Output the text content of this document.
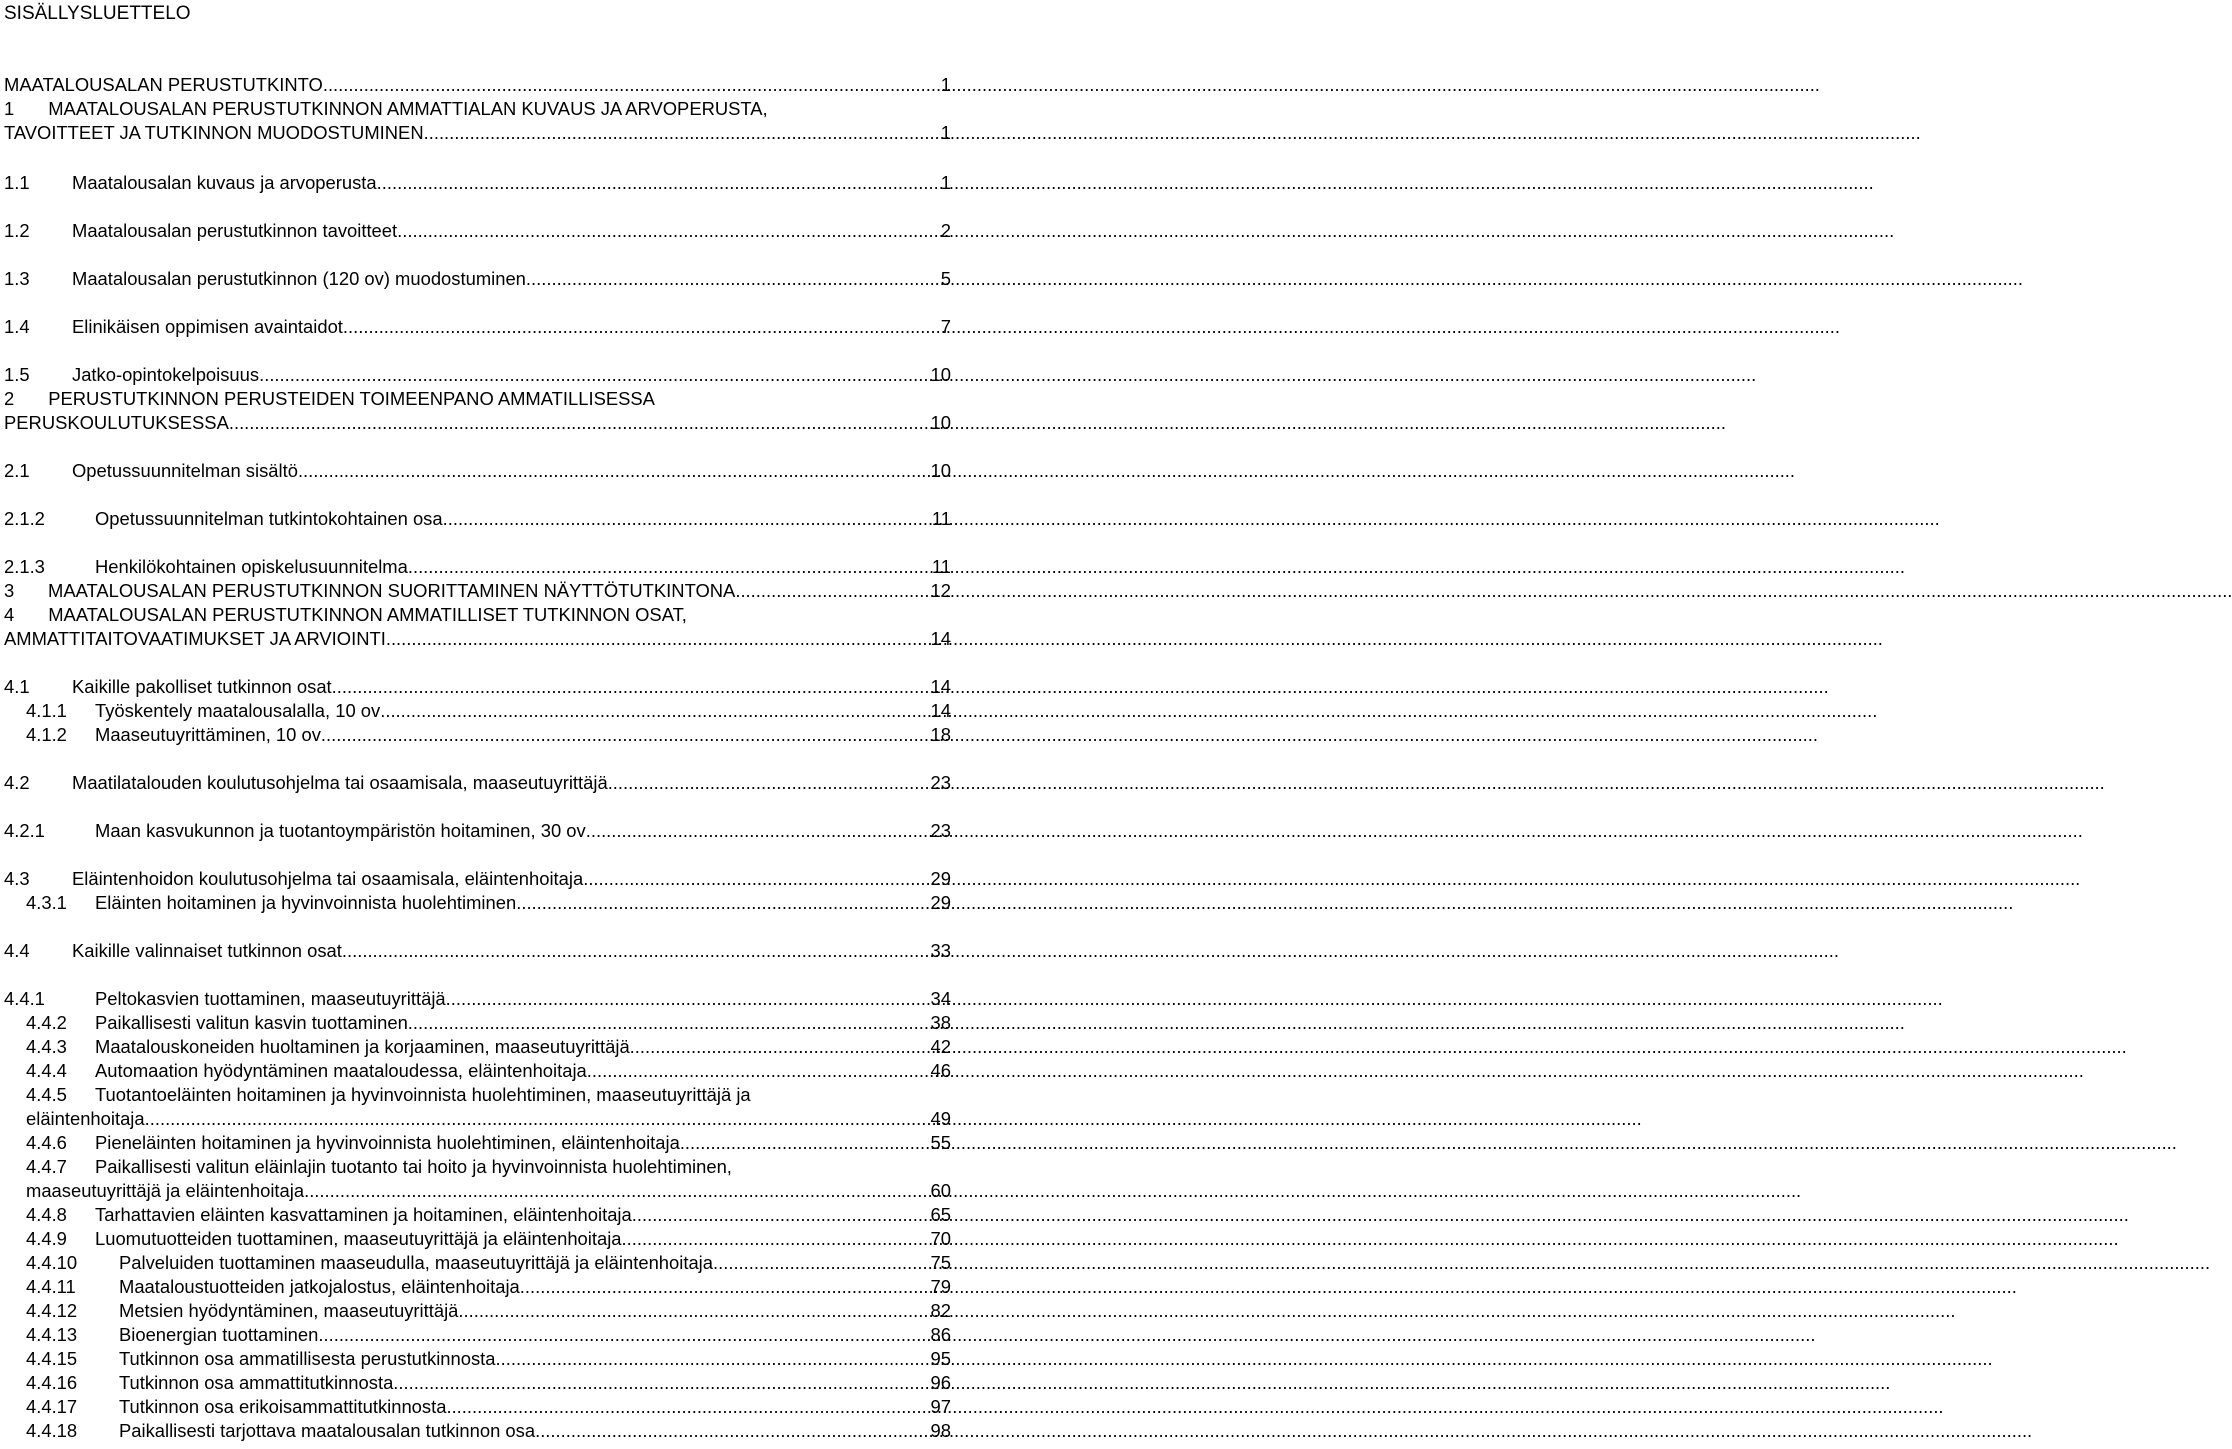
SISÄLLYSLUETTELO
MAATALOUSALAN PERUSTUTKINTO .....	1
1 MAATALOUSALAN PERUSTUTKINNON AMMATTIALAN KUVAUS JA ARVOPERUSTA,
TAVOITTEET JA TUTKINNON MUODOSTUMINEN .....	1
1.1	Maatalousalan kuvaus ja arvoperusta .....	1
1.2	Maatalousalan perustutkinnon tavoitteet .....	2
1.3	Maatalousalan perustutkinnon (120 ov) muodostuminen .....	5
1.4	Elinikäisen oppimisen avaintaidot .....	7
1.5	Jatko-opintokelpoisuus .....	10
2 PERUSTUTKINNON PERUSTEIDEN TOIMEENPANO AMMATILLISESSA
PERUSKOULUTUKSESSA .....	10
2.1	Opetussuunnitelman sisältö .....	10
2.1.2	Opetussuunnitelman tutkintokohtainen osa .....	11
2.1.3	Henkilökohtainen opiskelusuunnitelma .....	11
3	MAATALOUSALAN PERUSTUTKINNON SUORITTAMINEN NÄYTTÖTUTKINTONA .....	12
4 MAATALOUSALAN PERUSTUTKINNON AMMATILLISET TUTKINNON OSAT,
AMMATTITAITOVAATIMUKSET JA ARVIOINTI .....	14
4.1	Kaikille pakolliset tutkinnon osat .....	14
4.1.1	Työskentely maatalousalalla, 10 ov .....	14
4.1.2	Maaseutuyrittäminen, 10 ov .....	18
4.2	Maatilatalouden koulutusohjelma tai osaamisala, maaseutuyrittäjä .....	23
4.2.1	Maan kasvukunnon ja tuotantoympäristön hoitaminen, 30 ov .....	23
4.3	Eläintenhoidon koulutusohjelma tai osaamisala, eläintenhoitaja .....	29
4.3.1	Eläinten hoitaminen ja hyvinvoinnista huolehtiminen .....	29
4.4	Kaikille valinnaiset tutkinnon osat .....	33
4.4.1	Peltokasvien tuottaminen, maaseutuyrittäjä .....	34
4.4.2	Paikallisesti valitun kasvin tuottaminen .....	38
4.4.3	Maatalouskoneiden huoltaminen ja korjaaminen, maaseutuyrittäjä .....	42
4.4.4	Automaation hyödyntäminen maataloudessa, eläintenhoitaja .....	46
4.4.5 Tuotantoeläinten hoitaminen ja hyvinvoinnista huolehtiminen, maaseutuyrittäjä ja
eläintenhoitaja .....	49
4.4.6	Pieneläinten hoitaminen ja hyvinvoinnista huolehtiminen, eläintenhoitaja .....	55
4.4.7 Paikallisesti valitun eläinlajin tuotanto tai hoito ja hyvinvoinnista huolehtiminen,
maaseutuyrittäjä ja eläintenhoitaja .....	60
4.4.8	Tarhattavien eläinten kasvattaminen ja hoitaminen, eläintenhoitaja .....	65
4.4.9	Luomutuotteiden tuottaminen, maaseutuyrittäjä ja eläintenhoitaja .....	70
4.4.10	Palveluiden tuottaminen maaseudulla, maaseutuyrittäjä ja eläintenhoitaja .....	75
4.4.11	Maataloustuotteiden jatkojalostus, eläintenhoitaja .....	79
4.4.12	Metsien hyödyntäminen, maaseutuyrittäjä .....	82
4.4.13	Bioenergian tuottaminen .....	86
4.4.15	Tutkinnon osa ammatillisesta perustutkinnosta .....	95
4.4.16	Tutkinnon osa ammattitutkinnosta .....	96
4.4.17	Tutkinnon osa erikoisammattitutkinnosta .....	97
4.4.18	Paikallisesti tarjottava maatalousalan tutkinnon osa .....	98
